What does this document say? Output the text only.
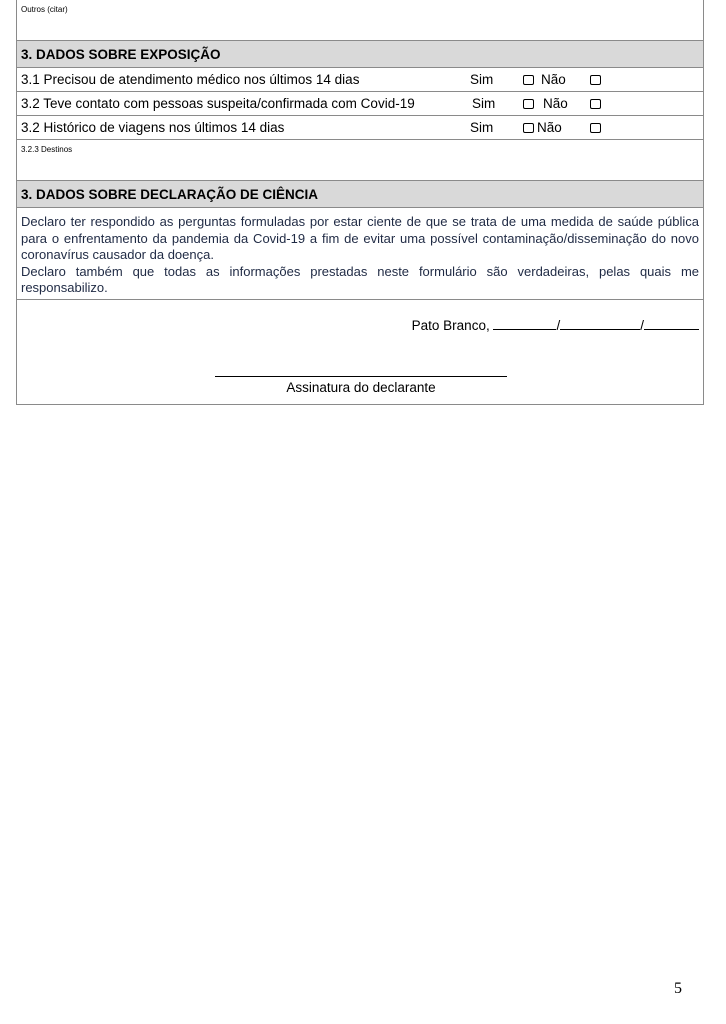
Outros (citar)
3. DADOS SOBRE EXPOSIÇÃO
3.1 Precisou de atendimento médico nos últimos 14 dias	Sim	Não
3.2 Teve contato com pessoas suspeita/confirmada com Covid-19	Sim	Não
3.2 Histórico de viagens nos últimos 14 dias	Sim	Não
3.2.3 Destinos
3. DADOS SOBRE DECLARAÇÃO DE CIÊNCIA

Declaro ter respondido as perguntas formuladas por estar ciente de que se trata de uma medida de saúde pública para o enfrentamento da pandemia da Covid-19 a fim de evitar uma possível contaminação/disseminação do novo coronavírus causador da doença.

Declaro também que todas as informações prestadas neste formulário são verdadeiras, pelas quais me responsabilizo.

Pato Branco,	/	/
Assinatura do declarante
5
